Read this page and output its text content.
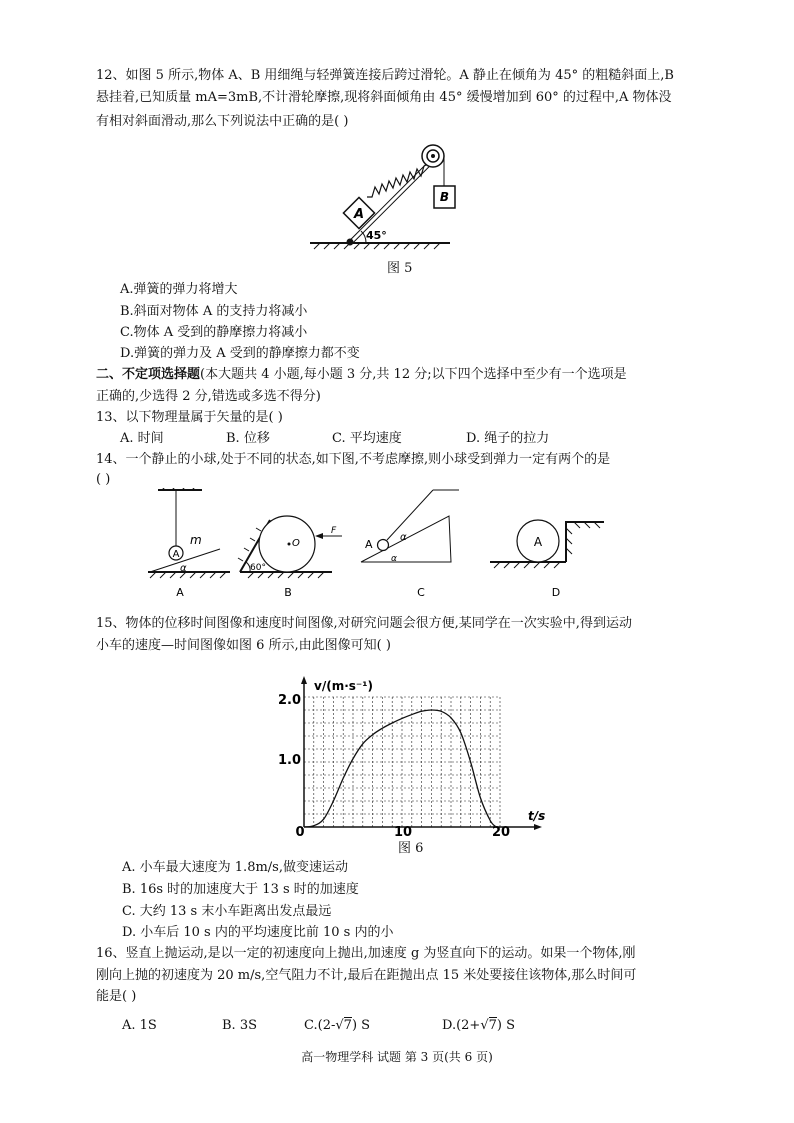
12、如图 5 所示,物体 A、B 用细绳与轻弹簧连接后跨过滑轮。A 静止在倾角为 45° 的粗糙斜面上,B
悬挂着,已知质量 mA=3mB,不计滑轮摩擦,现将斜面倾角由 45° 缓慢增加到 60° 的过程中,A 物体没
有相对斜面滑动,那么下列说法中正确的是( )
45°
A
B
图 5
A.弹簧的弹力将增大
B.斜面对物体 A 的支持力将减小
C.物体 A 受到的静摩擦力将减小
D.弹簧的弹力及 A 受到的静摩擦力都不变
二、不定项选择题(本大题共 4 小题,每小题 3 分,共 12 分;以下四个选择中至少有一个选项是
正确的,少选得 2 分,错选或多选不得分)
13、以下物理量属于矢量的是( )
A. 时间	B. 位移	C. 平均速度	D. 绳子的拉力
14、一个静止的小球,处于不同的状态,如下图,不考虑摩擦,则小球受到弹力一定有两个的是
( )
A
m
α
A
O
F
60°
B
A
α
α
C
A
D
15、物体的位移时间图像和速度时间图像,对研究问题会很方便,某同学在一次实验中,得到运动
小车的速度—时间图像如图 6 所示,由此图像可知( )
v/(m·s⁻¹)
t/s
2.0
1.0
0	10	20
图 6
A. 小车最大速度为 1.8m/s,做变速运动
B. 16s 时的加速度大于 13 s 时的加速度
C. 大约 13 s 末小车距离出发点最远
D. 小车后 10 s 内的平均速度比前 10 s 内的小
16、竖直上抛运动,是以一定的初速度向上抛出,加速度 g 为竖直向下的运动。如果一个物体,刚
刚向上抛的初速度为 20 m/s,空气阻力不计,最后在距抛出点 15 米处要接住该物体,那么时间可
能是( )
A. 1S	B. 3S	C.(2-√7) S	D.(2+√7) S
高一物理学科 试题 第 3 页(共 6 页)
